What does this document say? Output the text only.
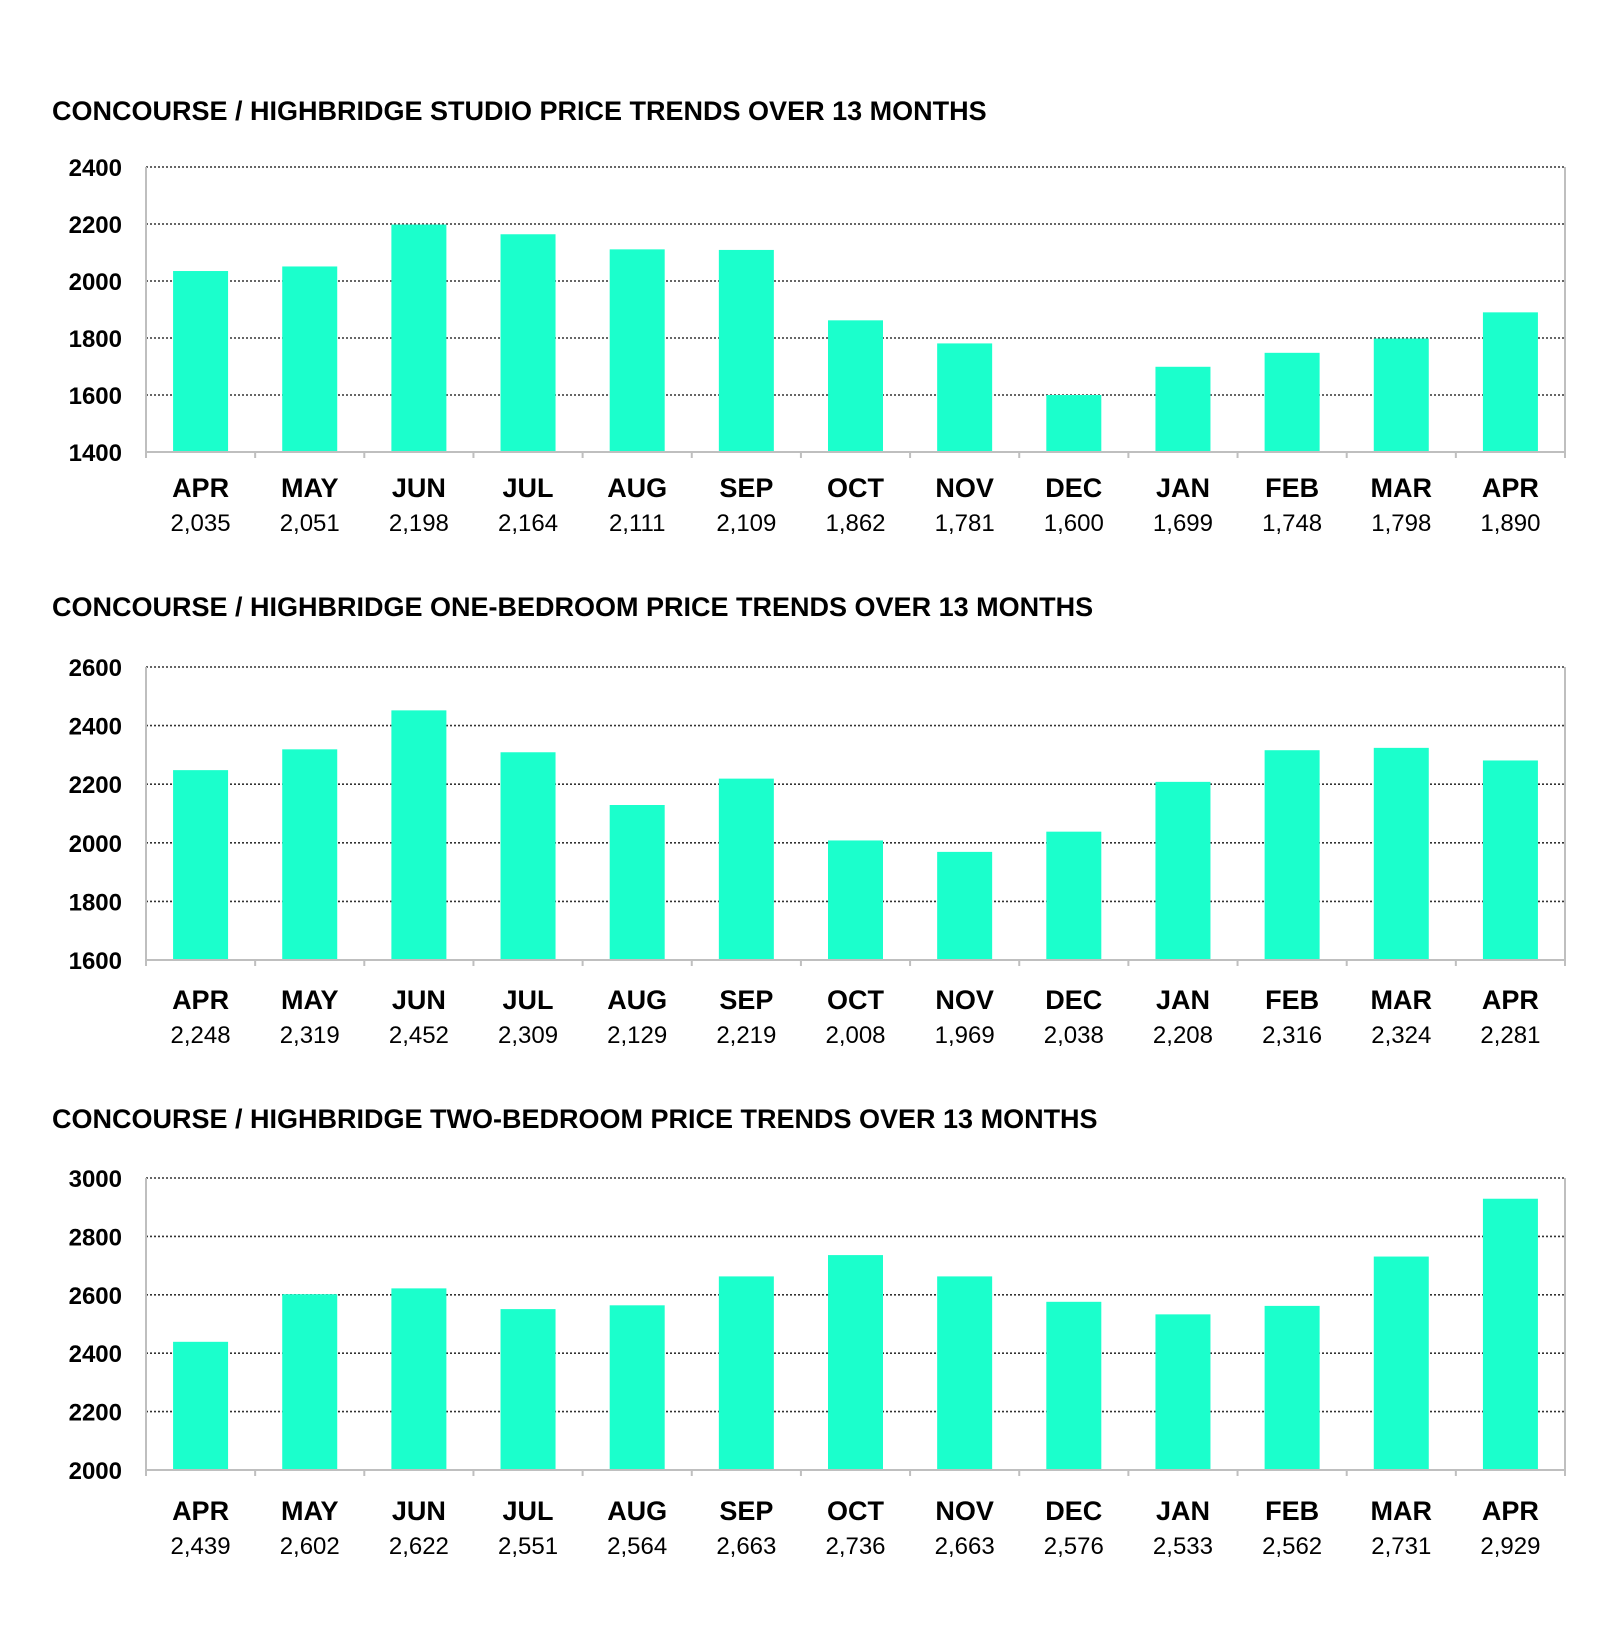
CONCOURSE / HIGHBRIDGE STUDIO PRICE TRENDS OVER 13 MONTHS
2400
2200
2000
1800
1600
1400
APR
2,035
MAY
2,051
JUN
2,198
JUL
2,164
AUG
2,111
SEP
2,109
OCT
1,862
NOV
1,781
DEC
1,600
JAN
1,699
FEB
1,748
MAR
1,798
APR
1,890
CONCOURSE / HIGHBRIDGE ONE-BEDROOM PRICE TRENDS OVER 13 MONTHS
2600
2400
2200
2000
1800
1600
APR
2,248
MAY
2,319
JUN
2,452
JUL
2,309
AUG
2,129
SEP
2,219
OCT
2,008
NOV
1,969
DEC
2,038
JAN
2,208
FEB
2,316
MAR
2,324
APR
2,281
CONCOURSE / HIGHBRIDGE TWO-BEDROOM PRICE TRENDS OVER 13 MONTHS
3000
2800
2600
2400
2200
2000
APR
2,439
MAY
2,602
JUN
2,622
JUL
2,551
AUG
2,564
SEP
2,663
OCT
2,736
NOV
2,663
DEC
2,576
JAN
2,533
FEB
2,562
MAR
2,731
APR
2,929
